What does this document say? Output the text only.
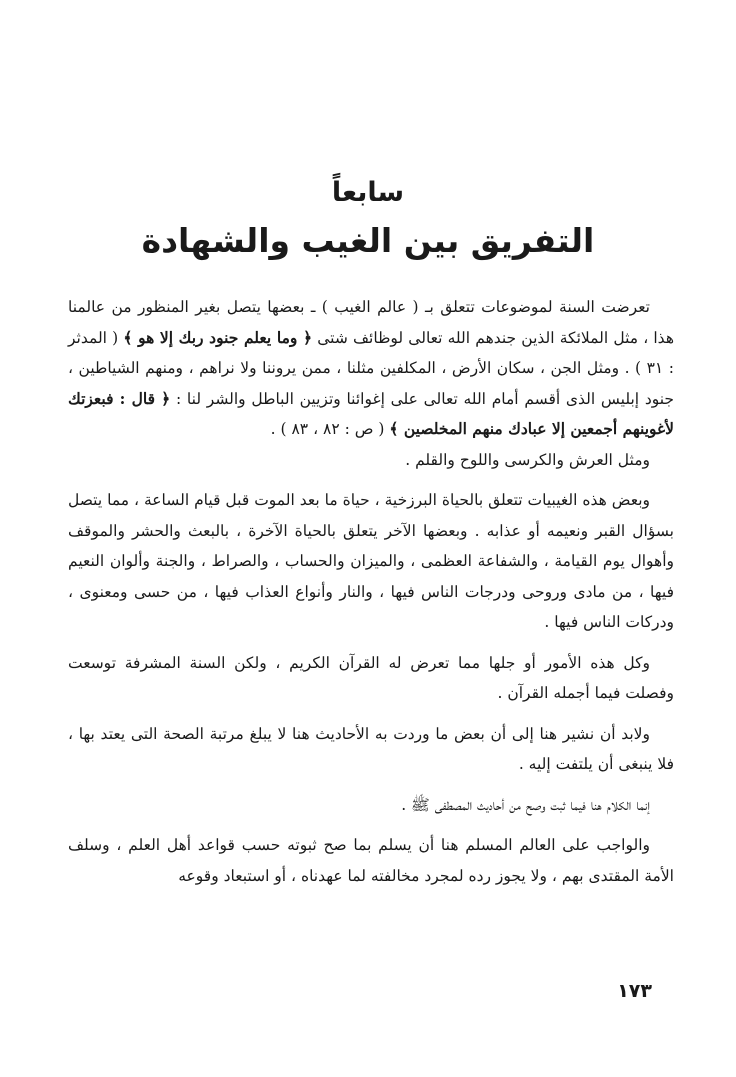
سابعاً
التفريق بين الغيب والشهادة

تعرضت السنة لموضوعات تتعلق بـ ( عالم الغيب ) ـ بعضها يتصل بغير المنظور من عالمنا هذا ، مثل الملائكة الذين جندهم الله تعالى لوظائف شتى ﴿ وما يعلم جنود ربك إلا هو ﴾ ( المدثر : ٣١ ) . ومثل الجن ، سكان الأرض ، المكلفين مثلنا ، ممن يروننا ولا نراهم ، ومنهم الشياطين ، جنود إبليس الذى أقسم أمام الله تعالى على إغوائنا وتزيين الباطل والشر لنا : ﴿ قال : فبعزتك لأغوينهم أجمعين إلا عبادك منهم المخلصين ﴾ ( ص : ٨٢ ، ٨٣ ) .

ومثل العرش والكرسى واللوح والقلم .

وبعض هذه الغيبيات تتعلق بالحياة البرزخية ، حياة ما بعد الموت قبل قيام الساعة ، مما يتصل بسؤال القبر ونعيمه أو عذابه . وبعضها الآخر يتعلق بالحياة الآخرة ، بالبعث والحشر والموقف وأهوال يوم القيامة ، والشفاعة العظمى ، والميزان والحساب ، والصراط ، والجنة وألوان النعيم فيها ، من مادى وروحى ودرجات الناس فيها ، والنار وأنواع العذاب فيها ، من حسى ومعنوى ، ودركات الناس فيها .

وكل هذه الأمور أو جلها مما تعرض له القرآن الكريم ، ولكن السنة المشرفة توسعت وفصلت فيما أجمله القرآن .

ولابد أن نشير هنا إلى أن بعض ما وردت به الأحاديث هنا لا يبلغ مرتبة الصحة التى يعتد بها ، فلا ينبغى أن يلتفت إليه .

إنما الكلام هنا فيما ثبت وصح من أحاديث المصطفى ﷺ .

والواجب على العالم المسلم هنا أن يسلم بما صح ثبوته حسب قواعد أهل العلم ، وسلف الأمة المقتدى بهم ، ولا يجوز رده لمجرد مخالفته لما عهدناه ، أو استبعاد وقوعه

١٧٣
